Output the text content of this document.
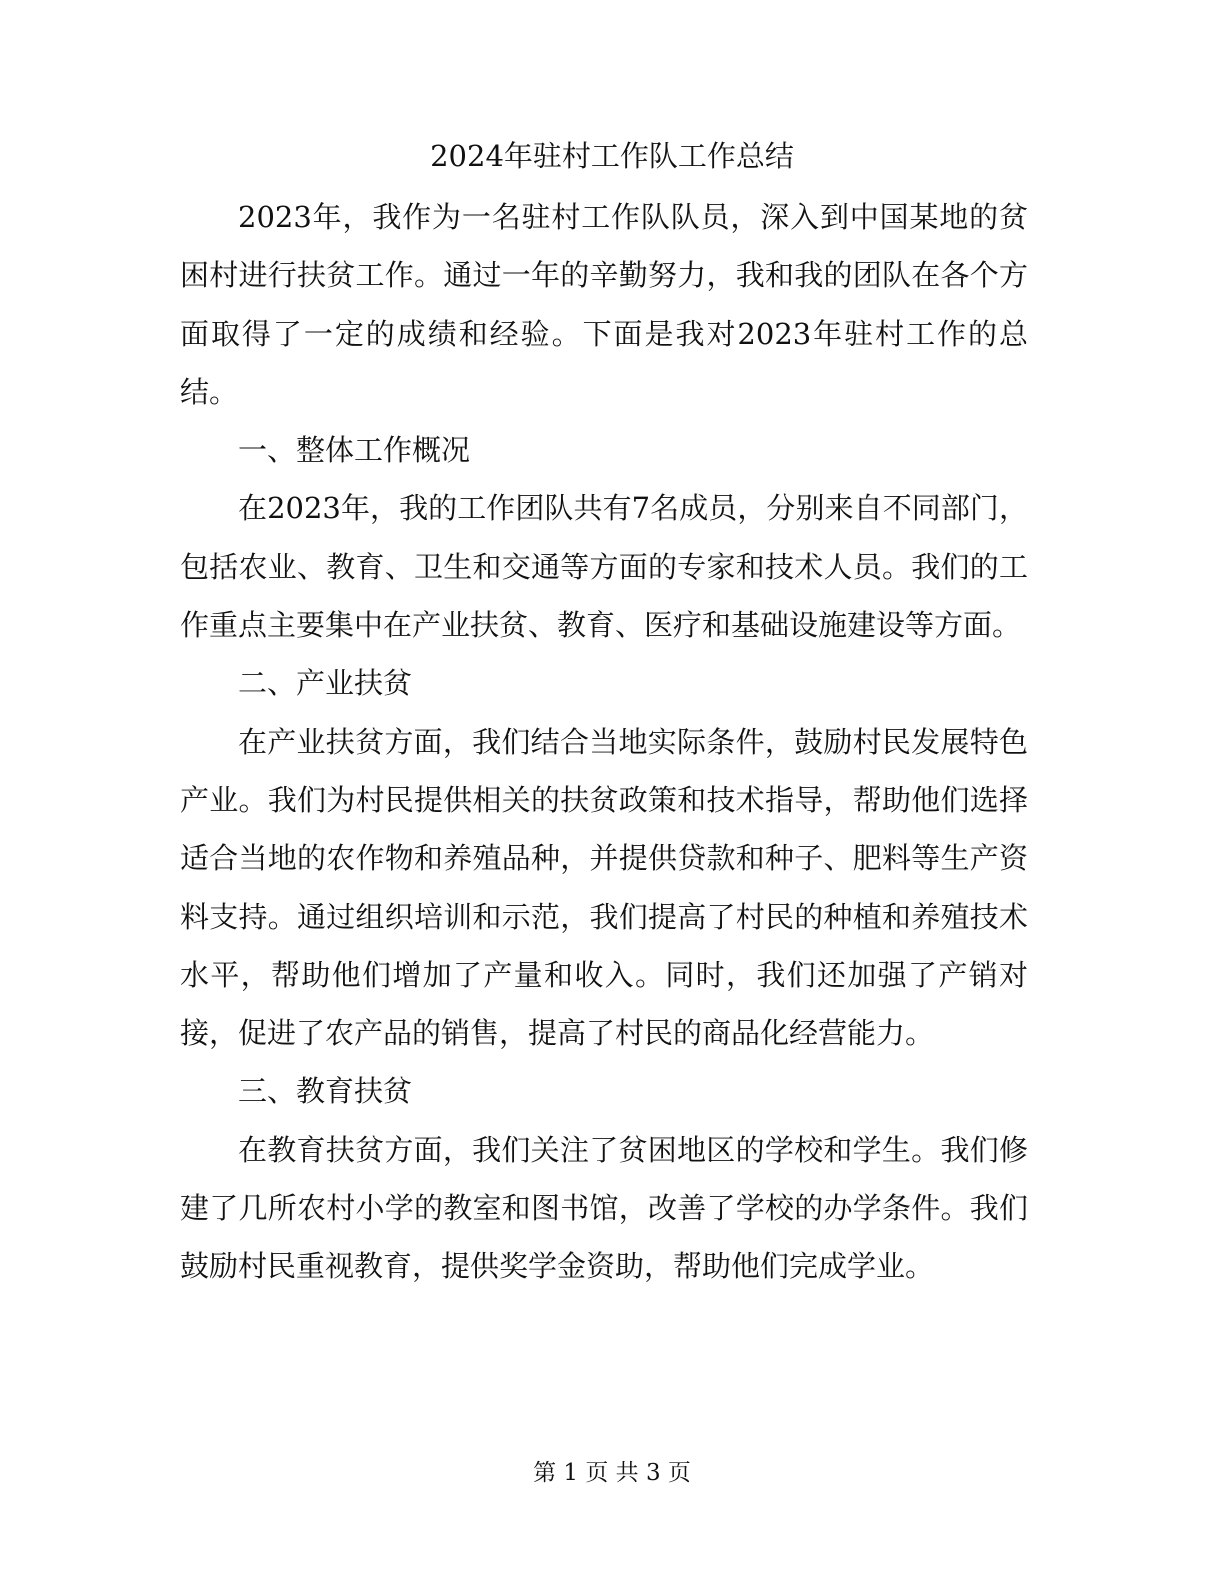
2024年驻村工作队工作总结

2023年，我作为一名驻村工作队队员，深入到中国某地的贫困村进行扶贫工作。通过一年的辛勤努力，我和我的团队在各个方面取得了一定的成绩和经验。下面是我对2023年驻村工作的总结。

一、整体工作概况

在2023年，我的工作团队共有7名成员，分别来自不同部门，包括农业、教育、卫生和交通等方面的专家和技术人员。我们的工作重点主要集中在产业扶贫、教育、医疗和基础设施建设等方面。

二、产业扶贫

在产业扶贫方面，我们结合当地实际条件，鼓励村民发展特色产业。我们为村民提供相关的扶贫政策和技术指导，帮助他们选择适合当地的农作物和养殖品种，并提供贷款和种子、肥料等生产资料支持。通过组织培训和示范，我们提高了村民的种植和养殖技术水平，帮助他们增加了产量和收入。同时，我们还加强了产销对接，促进了农产品的销售，提高了村民的商品化经营能力。

三、教育扶贫

在教育扶贫方面，我们关注了贫困地区的学校和学生。我们修建了几所农村小学的教室和图书馆，改善了学校的办学条件。我们鼓励村民重视教育，提供奖学金资助，帮助他们完成学业。

第 1 页 共 3 页
